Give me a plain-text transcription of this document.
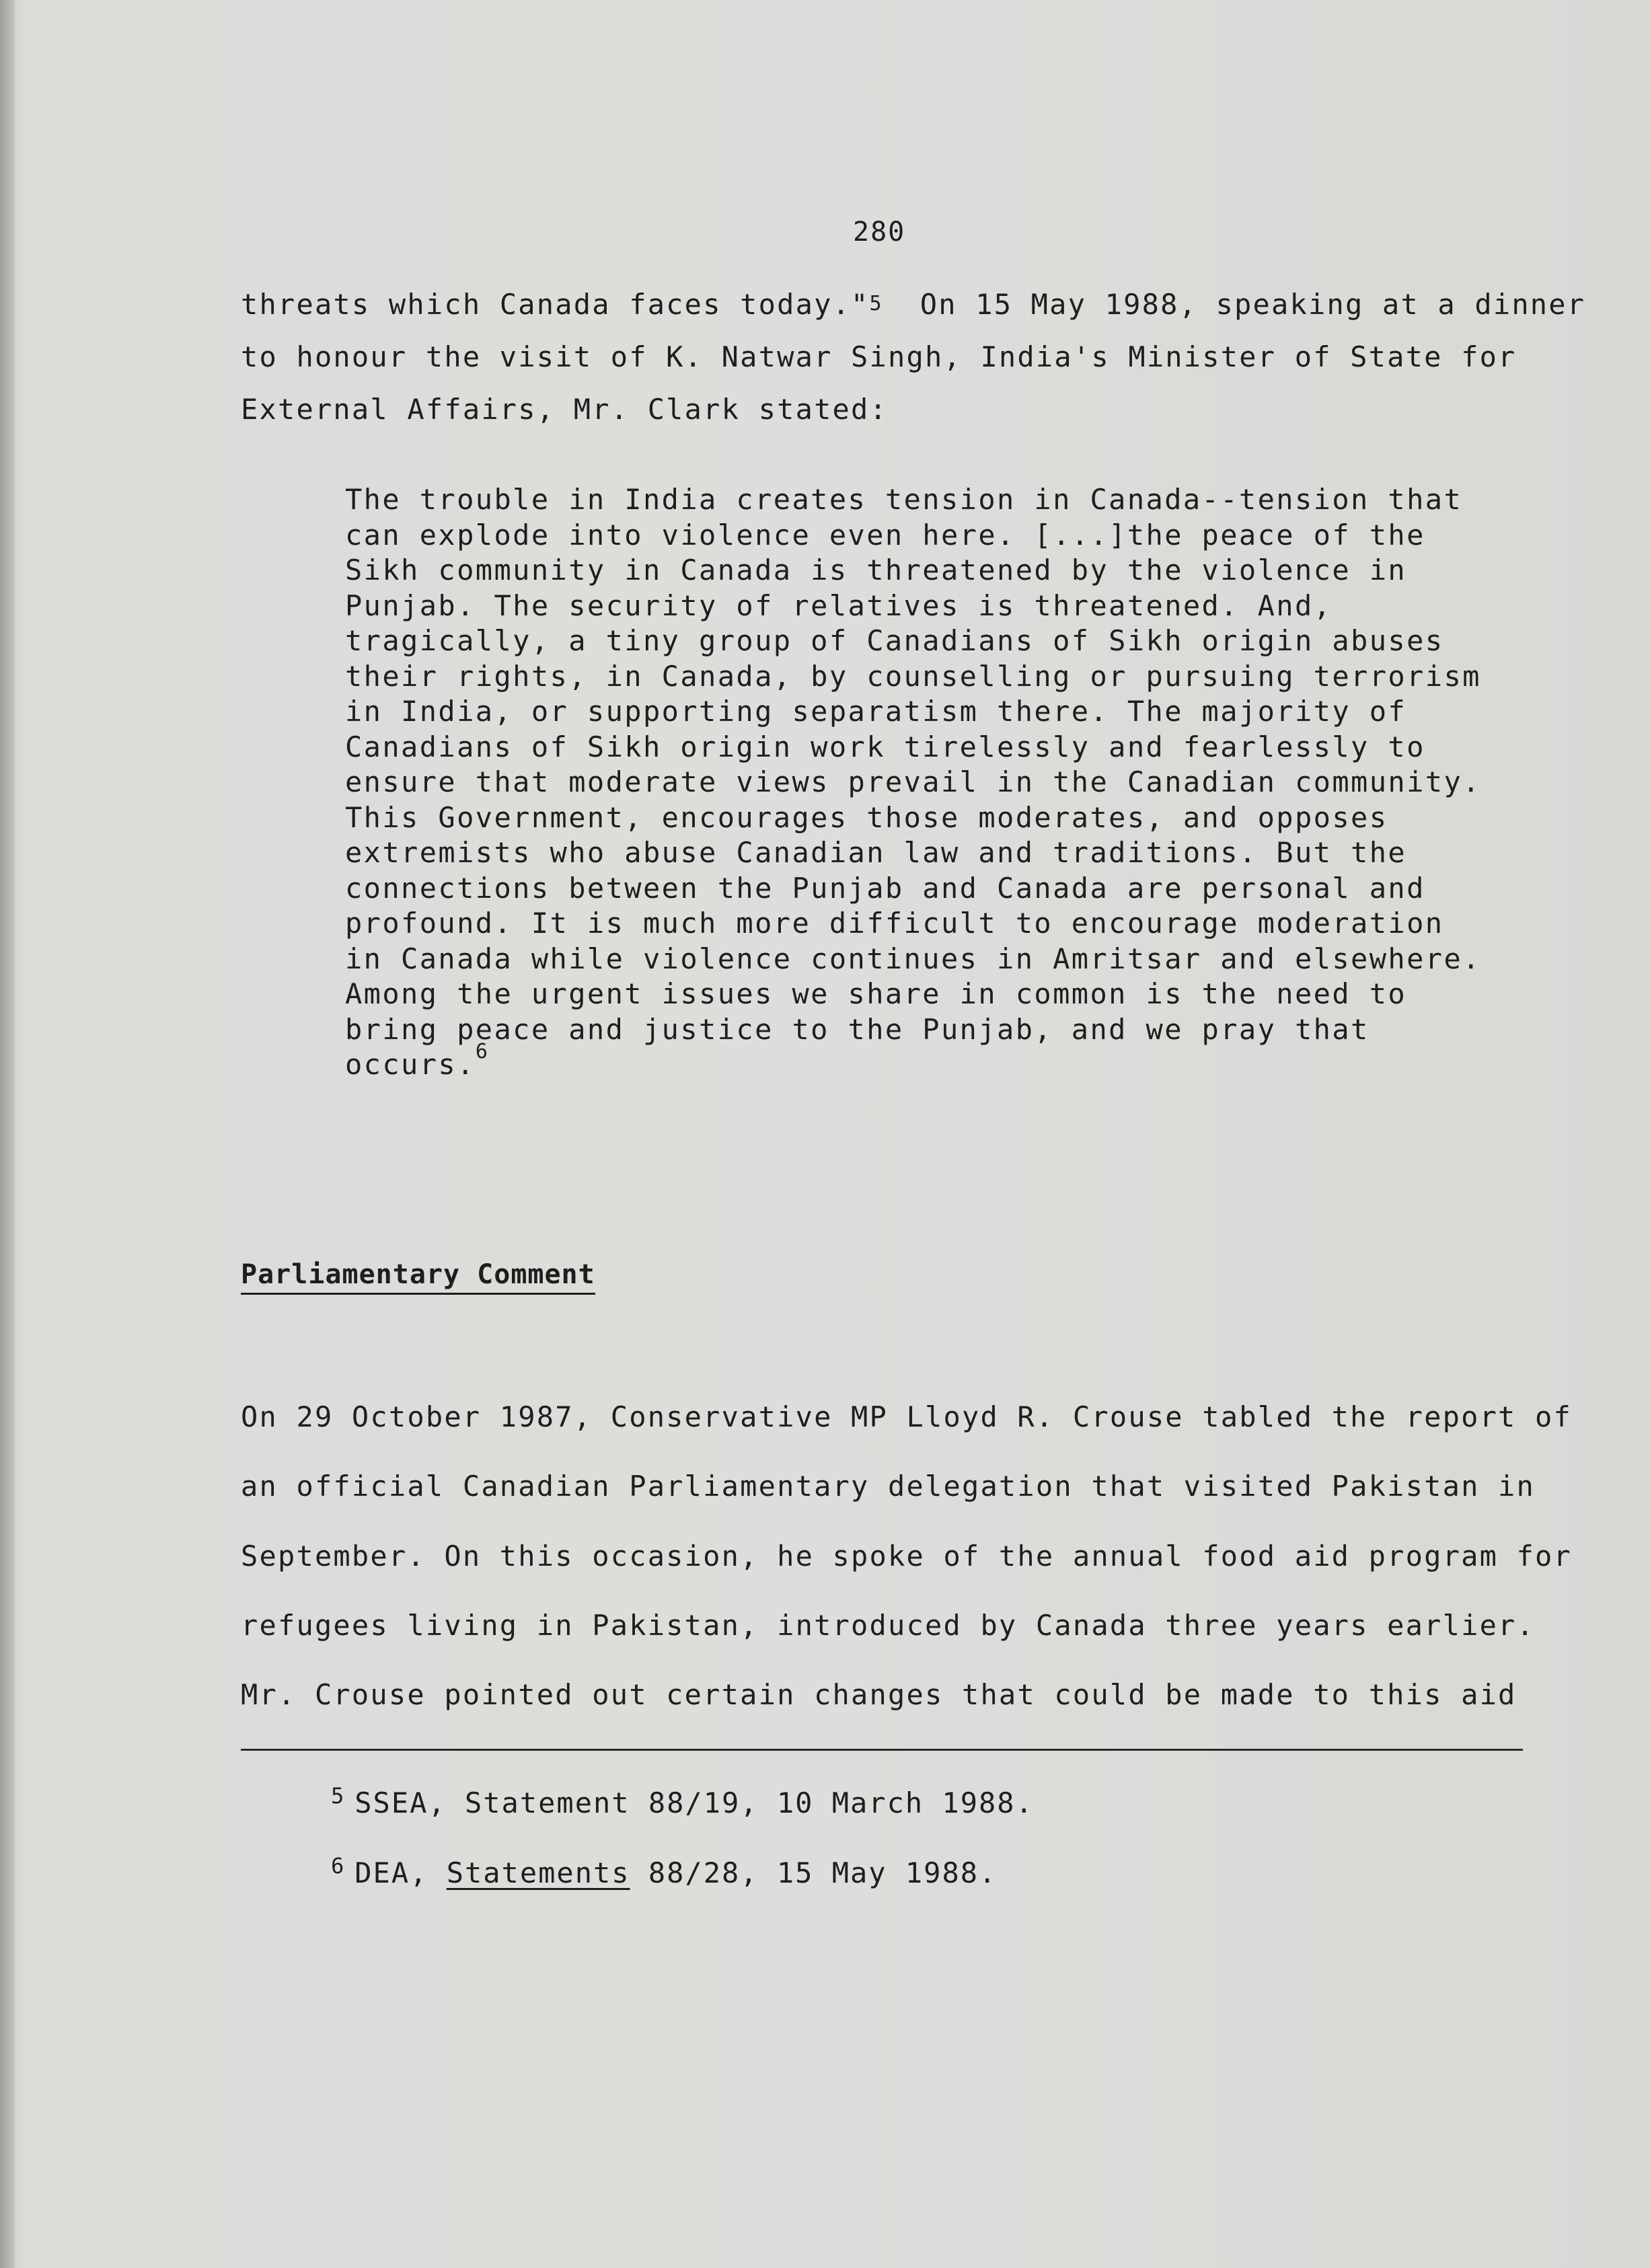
280
threats which Canada faces today."$^5$  On 15 May 1988, speaking at a dinner
to honour the visit of K. Natwar Singh, India's Minister of State for
External Affairs, Mr. Clark stated:
The trouble in India creates tension in Canada--tension that
can explode into violence even here. [...]the peace of the
Sikh community in Canada is threatened by the violence in
Punjab. The security of relatives is threatened. And,
tragically, a tiny group of Canadians of Sikh origin abuses
their rights, in Canada, by counselling or pursuing terrorism
in India, or supporting separatism there. The majority of
Canadians of Sikh origin work tirelessly and fearlessly to
ensure that moderate views prevail in the Canadian community.
This Government, encourages those moderates, and opposes
extremists who abuse Canadian law and traditions. But the
connections between the Punjab and Canada are personal and
profound. It is much more difficult to encourage moderation
in Canada while violence continues in Amritsar and elsewhere.
Among the urgent issues we share in common is the need to
bring peace and justice to the Punjab, and we pray that
occurs.$^6$
Parliamentary Comment
On 29 October 1987, Conservative MP Lloyd R. Crouse tabled the report of
an official Canadian Parliamentary delegation that visited Pakistan in
September. On this occasion, he spoke of the annual food aid program for
refugees living in Pakistan, introduced by Canada three years earlier.
Mr. Crouse pointed out certain changes that could be made to this aid
$^5$ SSEA, Statement 88/19, 10 March 1988.
$^6$ DEA, Statements 88/28, 15 May 1988.
